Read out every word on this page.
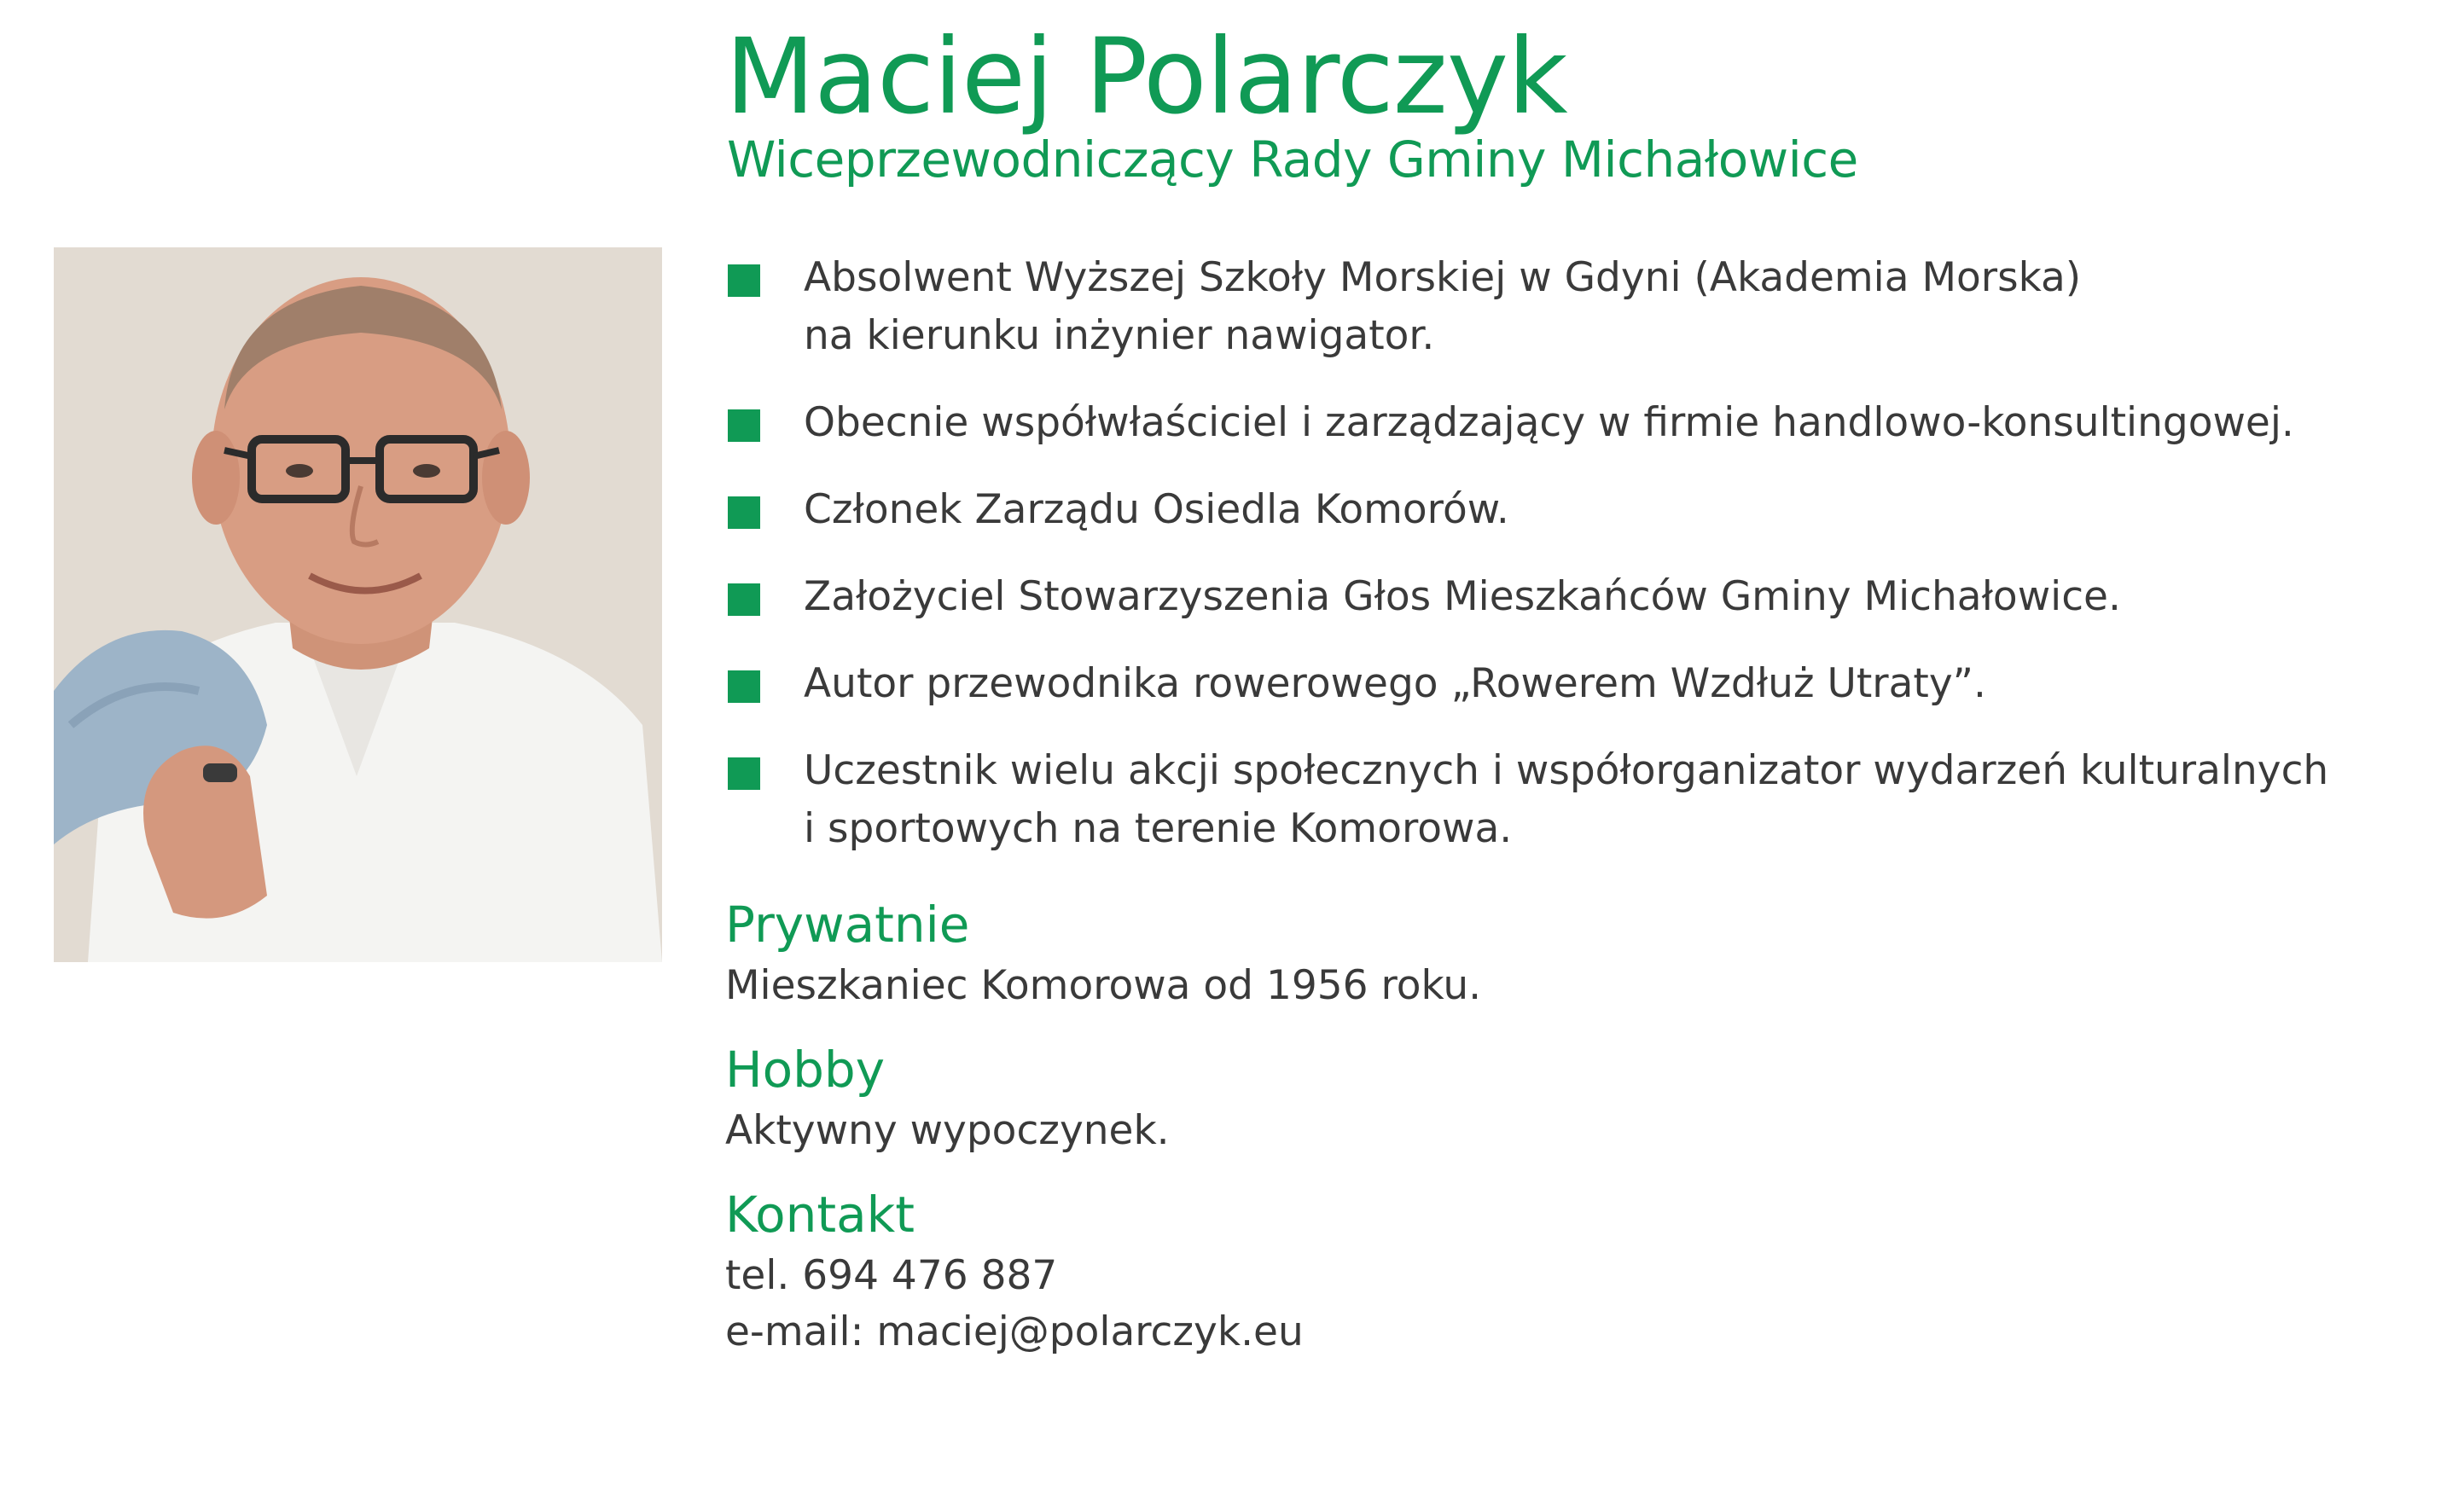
Maciej Polarczyk
Wiceprzewodniczący Rady Gminy Michałowice
Absolwent Wyższej Szkoły Morskiej w Gdyni (Akademia Morska)
na kierunku inżynier nawigator.
Obecnie współwłaściciel i zarządzający w firmie handlowo-konsultingowej.
Członek Zarządu Osiedla Komorów.
Założyciel Stowarzyszenia Głos Mieszkańców Gminy Michałowice.
Autor przewodnika rowerowego „Rowerem Wzdłuż Utraty”.
Uczestnik wielu akcji społecznych i współorganizator wydarzeń kulturalnych
i sportowych na terenie Komorowa.
Prywatnie
Mieszkaniec Komorowa od 1956 roku.
Hobby
Aktywny wypoczynek.
Kontakt
tel. 694 476 887
e-mail: maciej@polarczyk.eu
